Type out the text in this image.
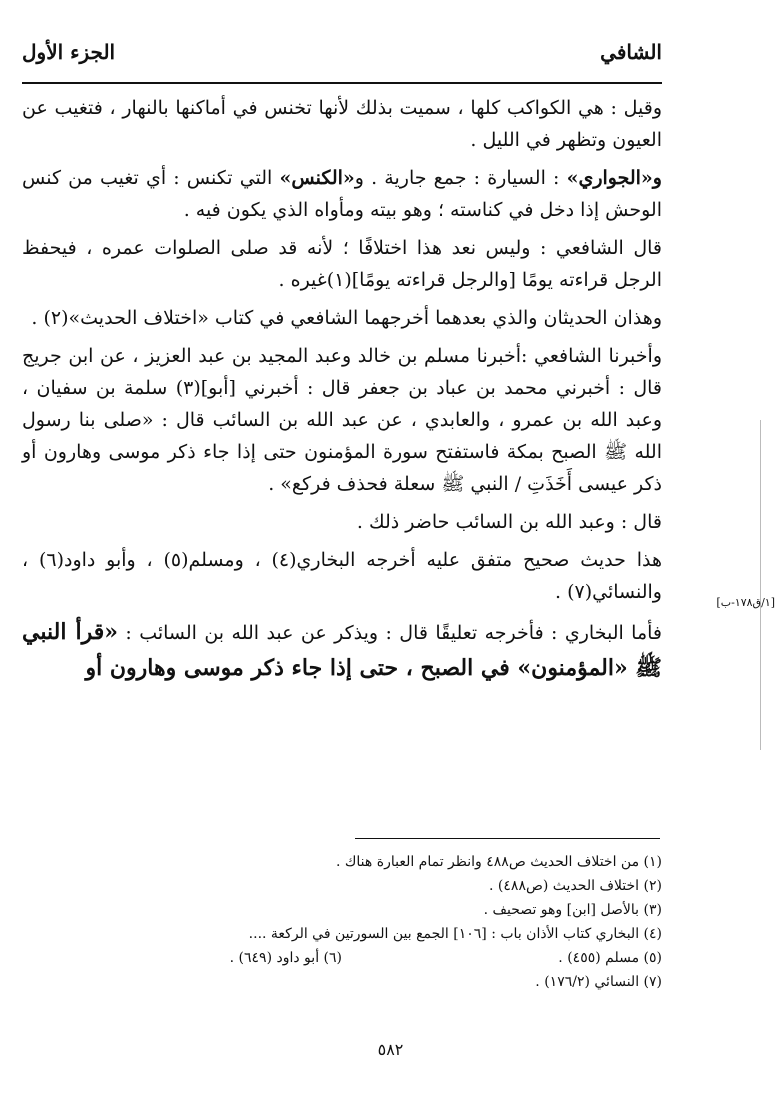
الشافي
الجزء الأول

وقيل : هي الكواكب كلها ، سميت بذلك لأنها تخنس في أماكنها بالنهار ، فتغيب عن العيون وتظهر في الليل .

و«الجواري» : السيارة : جمع جارية . و«الكنس» التي تكنس : أي تغيب من كنس الوحش إذا دخل في كناسته ؛ وهو بيته ومأواه الذي يكون فيه .

قال الشافعي : وليس نعد هذا اختلافًا ؛ لأنه قد صلى الصلوات عمره ، فيحفظ الرجل قراءته يومًا [والرجل قراءته يومًا](١)غيره .

وهذان الحديثان والذي بعدهما أخرجهما الشافعي في كتاب «اختلاف الحديث»(٢) .

وأخبرنا الشافعي :أخبرنا مسلم بن خالد وعبد المجيد بن عبد العزيز ، عن ابن جريج قال : أخبرني محمد بن عباد بن جعفر قال : أخبرني [أبو](٣) سلمة بن سفيان ، وعبد الله بن عمرو ، والعابدي ، عن عبد الله بن السائب قال : «صلى بنا رسول الله ﷺ الصبح بمكة فاستفتح سورة المؤمنون حتى إذا جاء ذكر موسى وهارون أو ذكر عيسى أَخَذَتِ / النبي ﷺ سعلة فحذف فركع» .

قال : وعبد الله بن السائب حاضر ذلك .

هذا حديث صحيح متفق عليه أخرجه البخاري(٤) ، ومسلم(٥) ، وأبو داود(٦) ، والنسائي(٧) .

فأما البخاري : فأخرجه تعليقًا قال : ويذكر عن عبد الله بن السائب : «قرأ النبي ﷺ «المؤمنون» في الصبح ، حتى إذا جاء ذكر موسى وهارون أو

[١/ق١٧٨-ب]

(١) من اختلاف الحديث ص٤٨٨ وانظر تمام العبارة هناك .

(٢) اختلاف الحديث (ص٤٨٨) .

(٣) بالأصل [ابن] وهو تصحيف .

(٤) البخاري كتاب الأذان باب : [١٠٦] الجمع بين السورتين في الركعة ....

(٥) مسلم (٤٥٥) .

(٦) أبو داود (٦٤٩) .

(٧) النسائي (١٧٦/٢) .

٥٨٢
